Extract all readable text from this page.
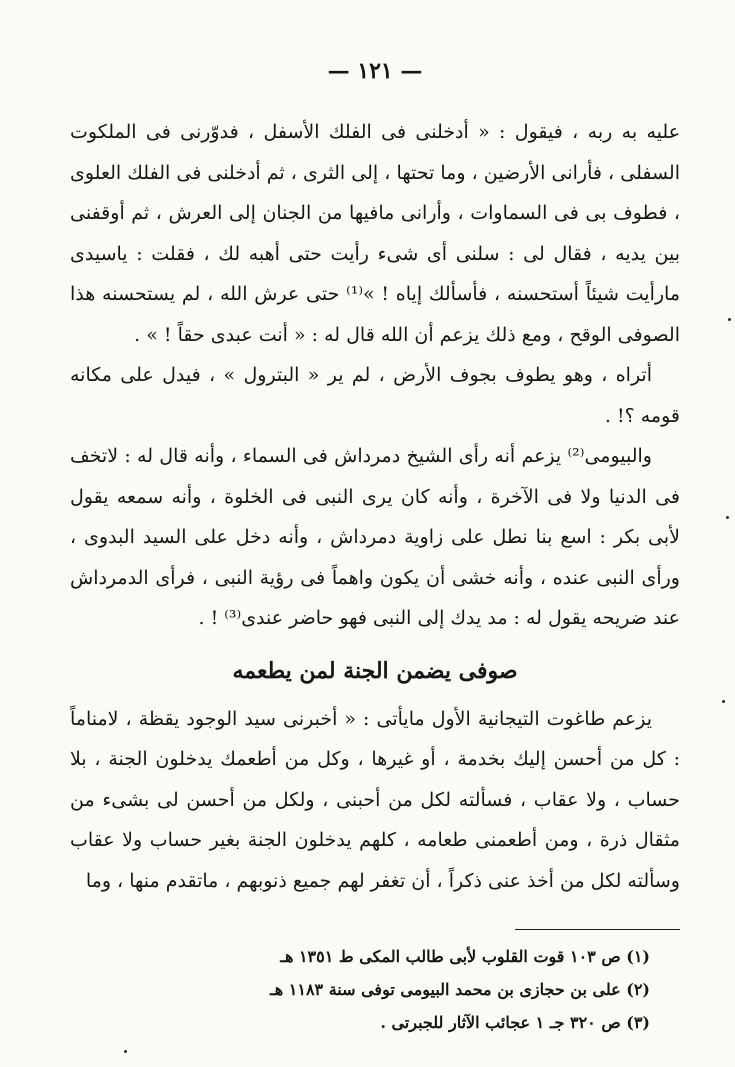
— ١٢١ —

عليه به ربه ، فيقول : « أدخلنى فى الفلك الأسفل ، فدوّرنى فى الملكوت السفلى ، فأرانى الأرضين ، وما تحتها ، إلى الثرى ، ثم أدخلنى فى الفلك العلوى ، فطوف بى فى السماوات ، وأرانى مافيها من الجنان إلى العرش ، ثم أوقفنى بين يديه ، فقال لى : سلنى أى شىء رأيت حتى أهبه لك ، فقلت : ياسيدى مارأيت شيئاً أستحسنه ، فأسألك إياه ! »⁽¹⁾ حتى عرش الله ، لم يستحسنه هذا الصوفى الوقح ، ومع ذلك يزعم أن الله قال له : « أنت عبدى حقاً ! » .

أتراه ، وهو يطوف بجوف الأرض ، لم ير « البترول » ، فيدل على مكانه قومه ؟! .

والبيومى⁽²⁾ يزعم أنه رأى الشيخ دمرداش فى السماء ، وأنه قال له : لاتخف فى الدنيا ولا فى الآخرة ، وأنه كان يرى النبى فى الخلوة ، وأنه سمعه يقول لأبى بكر : اسع بنا نطل على زاوية دمرداش ، وأنه دخل على السيد البدوى ، ورأى النبى عنده ، وأنه خشى أن يكون واهماً فى رؤية النبى ، فرأى الدمرداش عند ضريحه يقول له : مد يدك إلى النبى فهو حاضر عندى⁽³⁾ ! .

صوفى يضمن الجنة لمن يطعمه

يزعم طاغوت التيجانية الأول مايأتى : « أخبرنى سيد الوجود يقظة ، لامناماً : كل من أحسن إليك بخدمة ، أو غيرها ، وكل من أطعمك يدخلون الجنة ، بلا حساب ، ولا عقاب ، فسألته لكل من أحبنى ، ولكل من أحسن لى بشىء من مثقال ذرة ، ومن أطعمنى طعامه ، كلهم يدخلون الجنة بغير حساب ولا عقاب وسألته لكل من أخذ عنى ذكراً ، أن تغفر لهم جميع ذنوبهم ، ماتقدم منها ، وما

(١) ص ١٠٣ قوت القلوب لأبى طالب المكى ط ١٣٥١ هـ
(٢) على بن حجازى بن محمد البيومى توفى سنة ١١٨٣ هـ
(٣) ص ٣٢٠ جـ ١ عجائب الآثار للجبرتى .
